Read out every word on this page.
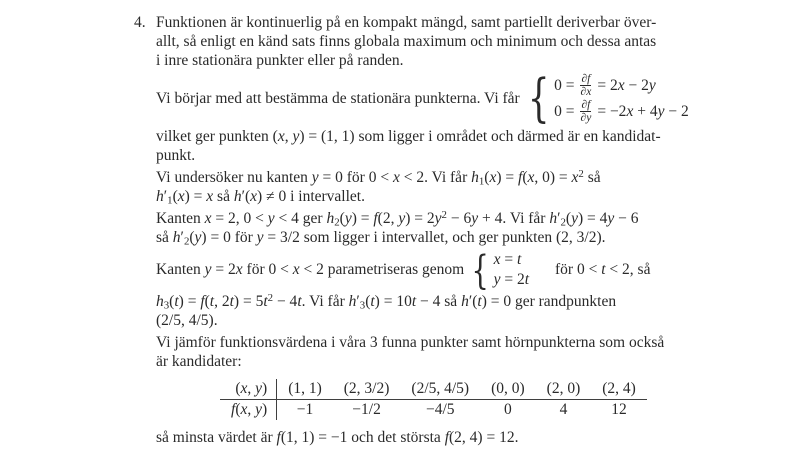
4. Funktionen är kontinuerlig på en kompakt mängd, samt partiellt deriverbar över-
allt, så enligt en känd sats finns globala maximum och minimum och dessa antas
i inre stationära punkter eller på randen.
Vi börjar med att bestämma de stationära punkterna. Vi får { $0 = \frac{\partial f}{\partial x} = 2x - 2y$
$0 = \frac{\partial f}{\partial y} = -2x + 4y - 2$
vilket ger punkten (x, y) = (1, 1) som ligger i området och därmed är en kandidat-
punkt.
Vi undersöker nu kanten y = 0 för 0 < x < 2. Vi får $h_1(x) = f(x$, $0) = x^2$ så
$h'_1(x) = x$ så h′(x) ≠ 0 i intervallet.
Kanten x = 2, 0 < y < 4 ger $h_2(y) = f(2$, $y) = 2y^2 - 6y + 4$. Vi får $h'_2(y) = 4y - 6$
så $h'_2(y) = 0$ för y = 3/2 som ligger i intervallet, och ger punkten (2, 3/2).
Kanten y = 2x för 0 < x < 2 parametriseras genom { x = t
y = 2t
för 0 < t < 2, så
$h_3(t) = f(t$, $2t) = 5t^2 - 4t$. Vi får $h'_3(t) = 10t - 4$ så h′(t) = 0 ger randpunkten
(2/5, 4/5).
Vi jämför funktionsvärdena i våra 3 funna punkter samt hörnpunkterna som också
är kandidater:
(x, y)	(1, 1)	(2, 3/2)	(2/5, 4/5)	(0, 0)	(2, 0)	(2, 4)
f(x, y)	−1	−1/2	−4/5	0	4	12
så minsta värdet är f(1, 1) = −1 och det största f(2, 4) = 12.
